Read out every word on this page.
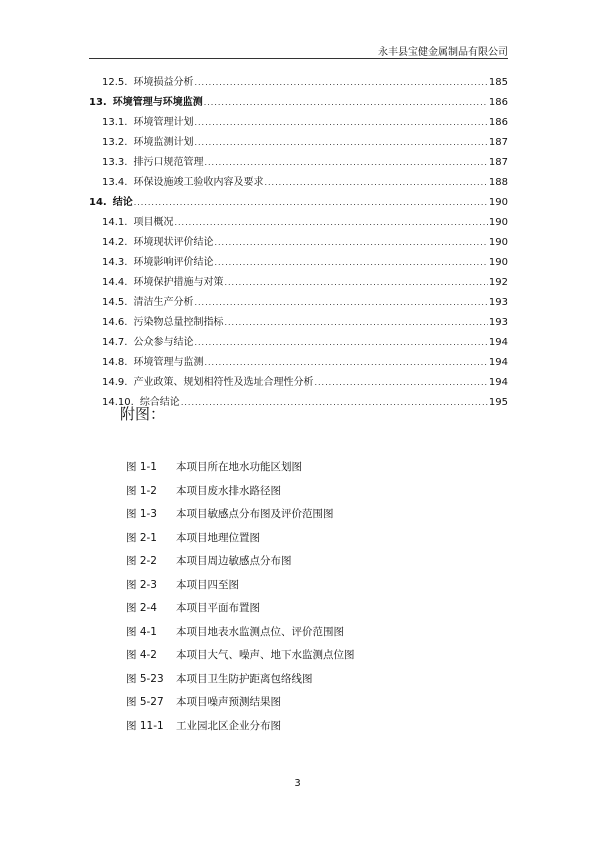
永丰县宝健金属制品有限公司
12.5. 环境损益分析 .....	185
13. 环境管理与环境监测 .....	186
13.1. 环境管理计划 .....	186
13.2. 环境监测计划 .....	187
13.3. 排污口规范管理 .....	187
13.4. 环保设施竣工验收内容及要求 .....	188
14. 结论 .....	190
14.1. 项目概况 .....	190
14.2. 环境现状评价结论 .....	190
14.3. 环境影响评价结论 .....	190
14.4. 环境保护措施与对策 .....	192
14.5. 清洁生产分析 .....	193
14.6. 污染物总量控制指标 .....	193
14.7. 公众参与结论 .....	194
14.8. 环境管理与监测 .....	194
14.9. 产业政策、规划相符性及选址合理性分析 .....	194
14.10. 综合结论 .....	195
附图：
图 1-1	本项目所在地水功能区划图
图 1-2	本项目废水排水路径图
图 1-3	本项目敏感点分布图及评价范围图
图 2-1	本项目地理位置图
图 2-2	本项目周边敏感点分布图
图 2-3	本项目四至图
图 2-4	本项目平面布置图
图 4-1	本项目地表水监测点位、评价范围图
图 4-2	本项目大气、噪声、地下水监测点位图
图 5-23	本项目卫生防护距离包络线图
图 5-27	本项目噪声预测结果图
图 11-1	工业园北区企业分布图
3
